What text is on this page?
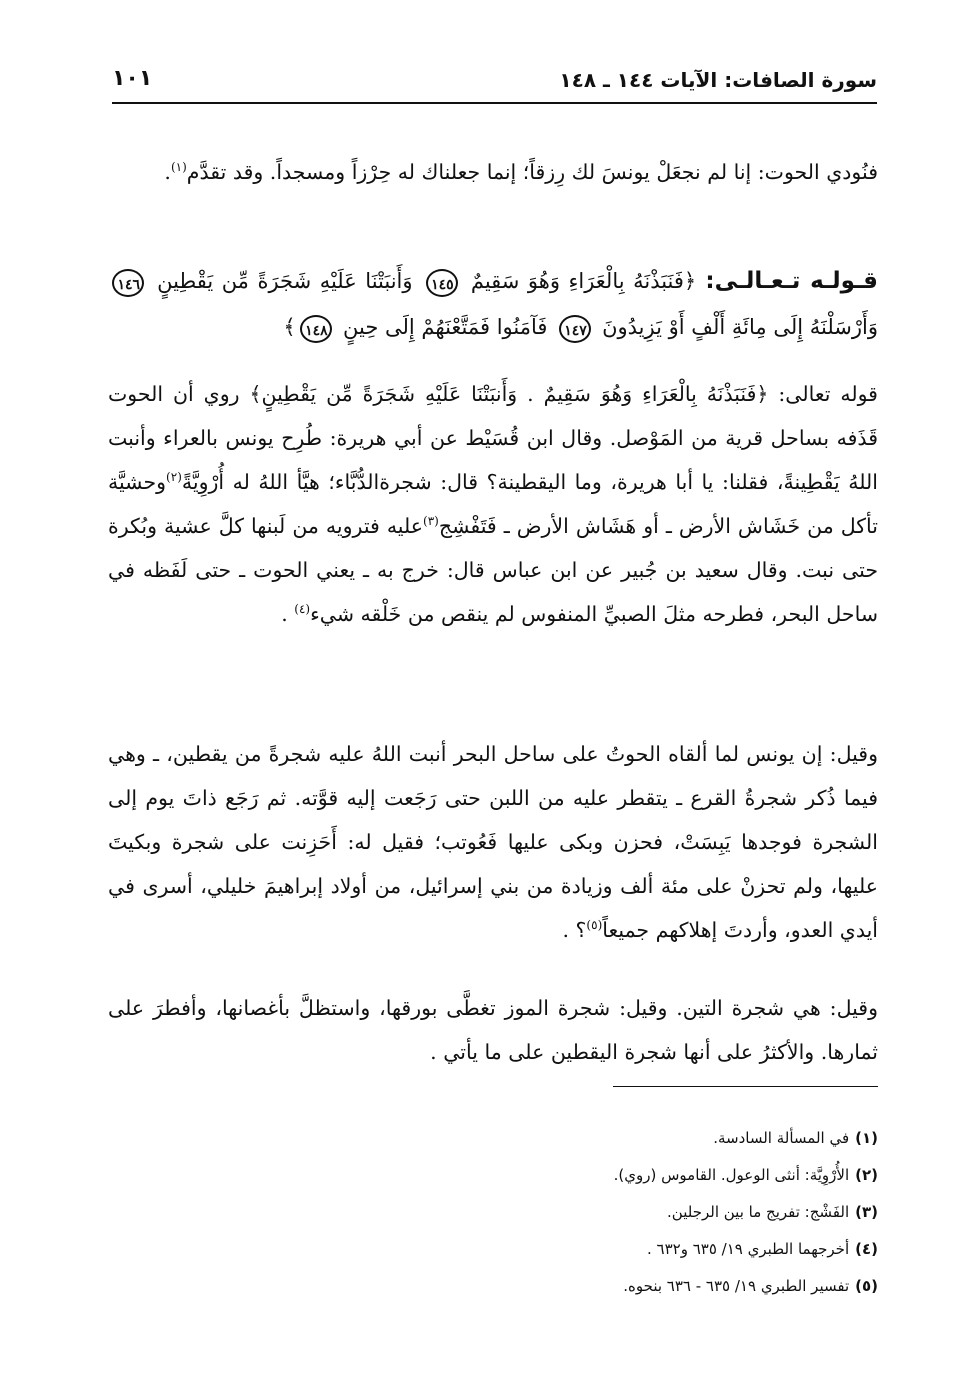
سورة الصافات: الآيات ١٤٤ ـ ١٤٨
١٠١
فنُودي الحوت: إنا لم نجعَلْ يونسَ لك رِزقاً؛ إنما جعلناك له حِرْزاً ومسجداً. وقد تقدَّم$^{(١)}$.
قـولـه تـعـالـى: ﴿فَنَبَذْنَهُ بِالْعَرَاءِ وَهُوَ سَقِيمٌ ١٤٥ وَأَنبَتْنَا عَلَيْهِ شَجَرَةً مِّن يَقْطِينٍ ١٤٦ وَأَرْسَلْنَهُ إِلَى مِائَةِ أَلْفٍ أَوْ يَزِيدُونَ ١٤٧ فَآمَنُوا فَمَتَّعْنَهُمْ إِلَى حِينٍ ١٤٨﴾
قوله تعالى: ﴿فَنَبَذْنَهُ بِالْعَرَاءِ وَهُوَ سَقِيمٌ . وَأَنبَتْنَا عَلَيْهِ شَجَرَةً مِّن يَقْطِينٍ﴾ روي أن الحوت قَذَفه بساحل قرية من المَوْصل. وقال ابن قُسَيْط عن أبي هريرة: طُرِح يونس بالعراء وأنبت اللهُ يَقْطِينةً، فقلنا: يا أبا هريرة، وما اليقطينة؟ قال: شجرةالدُّبَّاء؛ هيَّأ اللهُ له أُرْوِيَّةً$^{(٢)}$وحشيَّة تأكل من خَشَاش الأرض ـ أو هَشَاش الأرض ـ فَتَفْشِج$^{(٣)}$عليه فترويه من لَبنها كلَّ عشية وبُكرة حتى نبت. وقال سعيد بن جُبير عن ابن عباس قال: خرج به ـ يعني الحوت ـ حتى لَفَظه في ساحل البحر، فطرحه مثلَ الصبيِّ المنفوس لم ينقص من خَلْقه شيء$^{(٤)}$ .
وقيل: إن يونس لما ألقاه الحوتُ على ساحل البحر أنبت اللهُ عليه شجرةً من يقطين، ـ وهي فيما ذُكر شجرةُ القرع ـ يتقطر عليه من اللبن حتى رَجَعت إليه قوَّته. ثم رَجَع ذاتَ يوم إلى الشجرة فوجدها يَبِسَتْ، فحزن وبكى عليها فَعُوتب؛ فقيل له: أَحَزِنت على شجرة وبكيتَ عليها، ولم تحزنْ على مئة ألف وزيادة من بني إسرائيل، من أولاد إبراهيمَ خليلي، أسرى في أيدي العدو، وأردتَ إهلاكهم جميعاً$^{(٥)}$؟ .
وقيل: هي شجرة التين. وقيل: شجرة الموز تغطَّى بورقها، واستظلَّ بأغصانها، وأفطرَ على ثمارها. والأكثرُ على أنها شجرة اليقطين على ما يأتي .
(١)في المسألة السادسة.
(٢)الأُرْوِيَّة: أنثى الوعول. القاموس (روي).
(٣)الفَشْج: تفريج ما بين الرجلين.
(٤)أخرجهما الطبري ١٩/ ٦٣٥ و٦٣٢ .
(٥)تفسير الطبري ١٩/ ٦٣٥ - ٦٣٦ بنحوه.
